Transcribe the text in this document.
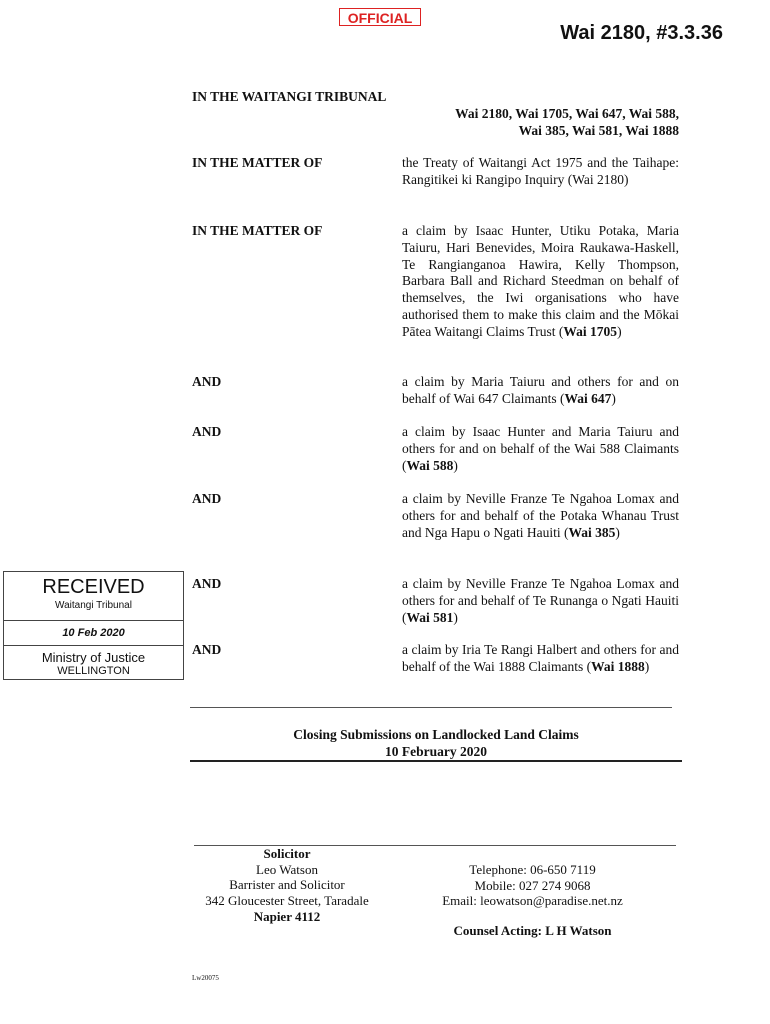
OFFICIAL
Wai 2180, #3.3.36
IN THE WAITANGI TRIBUNAL
Wai 2180, Wai 1705, Wai 647, Wai 588,
Wai 385, Wai 581, Wai 1888
IN THE MATTER OF	the Treaty of Waitangi Act 1975 and the Taihape: Rangitikei ki Rangipo Inquiry (Wai 2180)
IN THE MATTER OF	a claim by Isaac Hunter, Utiku Potaka, Maria Taiuru, Hari Benevides, Moira Raukawa-Haskell, Te Rangianganoa Hawira, Kelly Thompson, Barbara Ball and Richard Steedman on behalf of themselves, the Iwi organisations who have authorised them to make this claim and the Mōkai Pātea Waitangi Claims Trust (Wai 1705)
AND	a claim by Maria Taiuru and others for and on behalf of Wai 647 Claimants (Wai 647)
AND	a claim by Isaac Hunter and Maria Taiuru and others for and on behalf of the Wai 588 Claimants (Wai 588)
AND	a claim by Neville Franze Te Ngahoa Lomax and others for and behalf of the Potaka Whanau Trust and Nga Hapu o Ngati Hauiti (Wai 385)
AND	a claim by Neville Franze Te Ngahoa Lomax and others for and behalf of Te Runanga o Ngati Hauiti (Wai 581)
AND	a claim by Iria Te Rangi Halbert and others for and behalf of the Wai 1888 Claimants (Wai 1888)
RECEIVED
Waitangi Tribunal
10 Feb 2020
Ministry of Justice
WELLINGTON
Closing Submissions on Landlocked Land Claims
10 February 2020
Solicitor
Leo Watson
Barrister and Solicitor
342 Gloucester Street, Taradale
Napier 4112
Telephone: 06-650 7119
Mobile: 027 274 9068
Email: leowatson@paradise.net.nz
Counsel Acting: L H Watson
Lw20075
